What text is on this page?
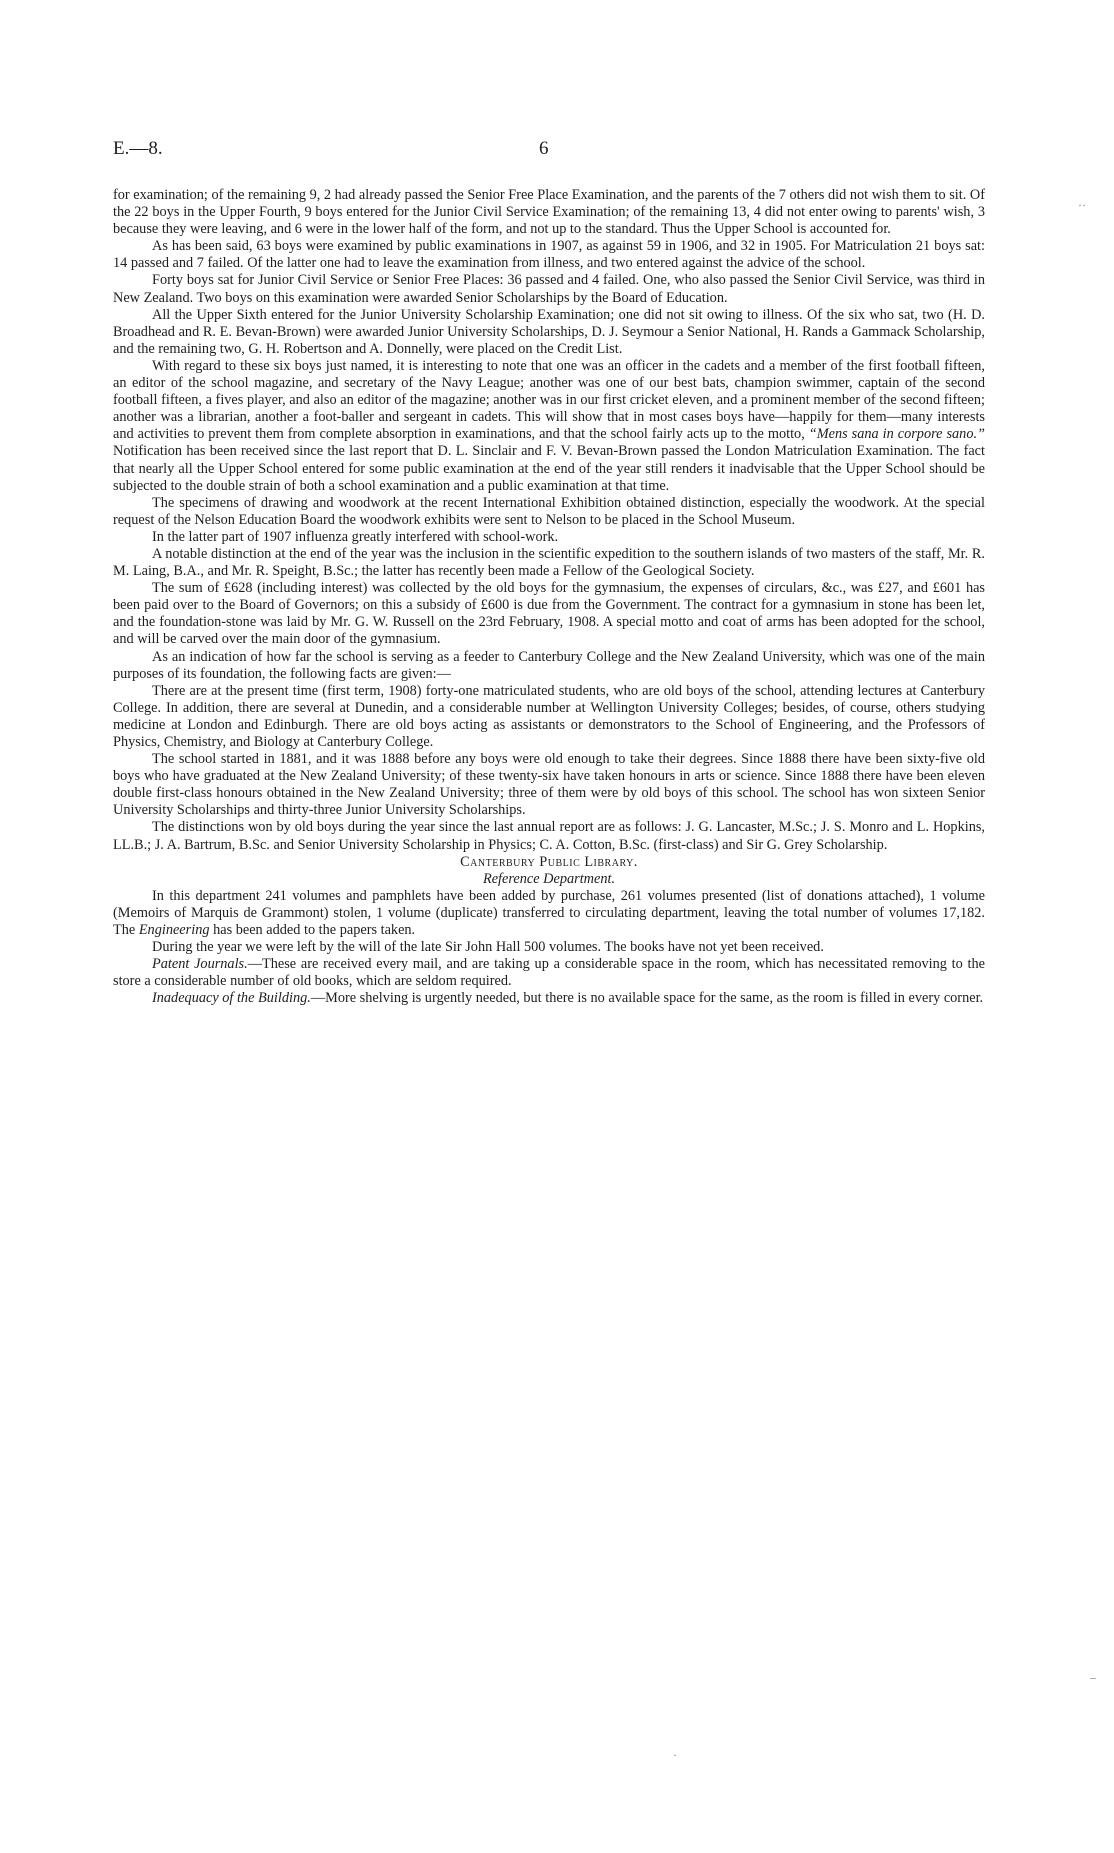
E.—8.	6

for examination; of the remaining 9, 2 had already passed the Senior Free Place Examination, and the parents of the 7 others did not wish them to sit. Of the 22 boys in the Upper Fourth, 9 boys entered for the Junior Civil Service Examination; of the remaining 13, 4 did not enter owing to parents' wish, 3 because they were leaving, and 6 were in the lower half of the form, and not up to the standard. Thus the Upper School is accounted for.

As has been said, 63 boys were examined by public examinations in 1907, as against 59 in 1906, and 32 in 1905. For Matriculation 21 boys sat: 14 passed and 7 failed. Of the latter one had to leave the examination from illness, and two entered against the advice of the school.

Forty boys sat for Junior Civil Service or Senior Free Places: 36 passed and 4 failed. One, who also passed the Senior Civil Service, was third in New Zealand. Two boys on this examination were awarded Senior Scholarships by the Board of Education.

All the Upper Sixth entered for the Junior University Scholarship Examination; one did not sit owing to illness. Of the six who sat, two (H. D. Broadhead and R. E. Bevan-Brown) were awarded Junior University Scholarships, D. J. Seymour a Senior National, H. Rands a Gammack Scholarship, and the remaining two, G. H. Robertson and A. Donnelly, were placed on the Credit List.

With regard to these six boys just named, it is interesting to note that one was an officer in the cadets and a member of the first football fifteen, an editor of the school magazine, and secretary of the Navy League; another was one of our best bats, champion swimmer, captain of the second football fifteen, a fives player, and also an editor of the magazine; another was in our first cricket eleven, and a prominent member of the second fifteen; another was a librarian, another a foot-baller and sergeant in cadets. This will show that in most cases boys have—happily for them—many interests and activities to prevent them from complete absorption in examinations, and that the school fairly acts up to the motto, “Mens sana in corpore sano.” Notification has been received since the last report that D. L. Sinclair and F. V. Bevan-Brown passed the London Matriculation Examination. The fact that nearly all the Upper School entered for some public examination at the end of the year still renders it inadvisable that the Upper School should be subjected to the double strain of both a school examination and a public examination at that time.

The specimens of drawing and woodwork at the recent International Exhibition obtained distinction, especially the woodwork. At the special request of the Nelson Education Board the woodwork exhibits were sent to Nelson to be placed in the School Museum.

In the latter part of 1907 influenza greatly interfered with school-work.

A notable distinction at the end of the year was the inclusion in the scientific expedition to the southern islands of two masters of the staff, Mr. R. M. Laing, B.A., and Mr. R. Speight, B.Sc.; the latter has recently been made a Fellow of the Geological Society.

The sum of £628 (including interest) was collected by the old boys for the gymnasium, the expenses of circulars, &c., was £27, and £601 has been paid over to the Board of Governors; on this a subsidy of £600 is due from the Government. The contract for a gymnasium in stone has been let, and the foundation-stone was laid by Mr. G. W. Russell on the 23rd February, 1908. A special motto and coat of arms has been adopted for the school, and will be carved over the main door of the gymnasium.

As an indication of how far the school is serving as a feeder to Canterbury College and the New Zealand University, which was one of the main purposes of its foundation, the following facts are given:—

There are at the present time (first term, 1908) forty-one matriculated students, who are old boys of the school, attending lectures at Canterbury College. In addition, there are several at Dunedin, and a considerable number at Wellington University Colleges; besides, of course, others studying medicine at London and Edinburgh. There are old boys acting as assistants or demonstrators to the School of Engineering, and the Professors of Physics, Chemistry, and Biology at Canterbury College.

The school started in 1881, and it was 1888 before any boys were old enough to take their degrees. Since 1888 there have been sixty-five old boys who have graduated at the New Zealand University; of these twenty-six have taken honours in arts or science. Since 1888 there have been eleven double first-class honours obtained in the New Zealand University; three of them were by old boys of this school. The school has won sixteen Senior University Scholarships and thirty-three Junior University Scholarships.

The distinctions won by old boys during the year since the last annual report are as follows: J. G. Lancaster, M.Sc.; J. S. Monro and L. Hopkins, LL.B.; J. A. Bartrum, B.Sc. and Senior University Scholarship in Physics; C. A. Cotton, B.Sc. (first-class) and Sir G. Grey Scholarship.

Canterbury Public Library.

Reference Department.

In this department 241 volumes and pamphlets have been added by purchase, 261 volumes presented (list of donations attached), 1 volume (Memoirs of Marquis de Grammont) stolen, 1 volume (duplicate) transferred to circulating department, leaving the total number of volumes 17,182. The Engineering has been added to the papers taken.

During the year we were left by the will of the late Sir John Hall 500 volumes. The books have not yet been received.

Patent Journals.—These are received every mail, and are taking up a considerable space in the room, which has necessitated removing to the store a considerable number of old books, which are seldom required.

Inadequacy of the Building.—More shelving is urgently needed, but there is no available space for the same, as the room is filled in every corner.

··
–
·
